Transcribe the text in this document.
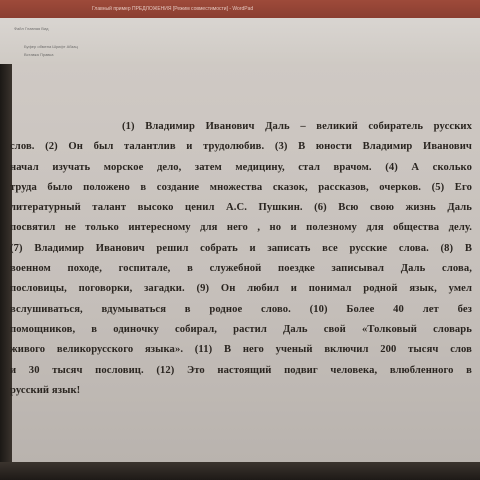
Главный пример ПРЕДЛОЖЕНИЯ [Режим совместимости] - WordPad
Файл Главная Вид
Буфер обмена Шрифт Абзац
Вставка Правка
(1) Владимир Иванович Даль – великий собиратель русских
слов. (2) Он был талантлив и трудолюбив. (3) В юности Владимир Иванович
начал изучать морское дело, затем медицину, стал врачом. (4) А сколько
труда было положено в создание множества сказок, рассказов, очерков. (5) Его
литературный талант высоко ценил А.С. Пушкин. (6) Всю свою жизнь Даль
посвятил не только интересному для него , но и полезному для общества делу.
(7) Владимир Иванович решил собрать и записать все русские слова. (8) В
военном походе, госпитале, в служебной поездке записывал Даль слова,
пословицы, поговорки, загадки. (9) Он любил и понимал родной язык, умел
вслушиваться, вдумываться в родное слово. (10) Более 40 лет без
помощников, в одиночку собирал, растил Даль свой «Толковый словарь
живого великорусского языка». (11) В него ученый включил 200 тысяч слов
и 30 тысяч пословиц. (12) Это настоящий подвиг человека, влюбленного в
русский язык!
